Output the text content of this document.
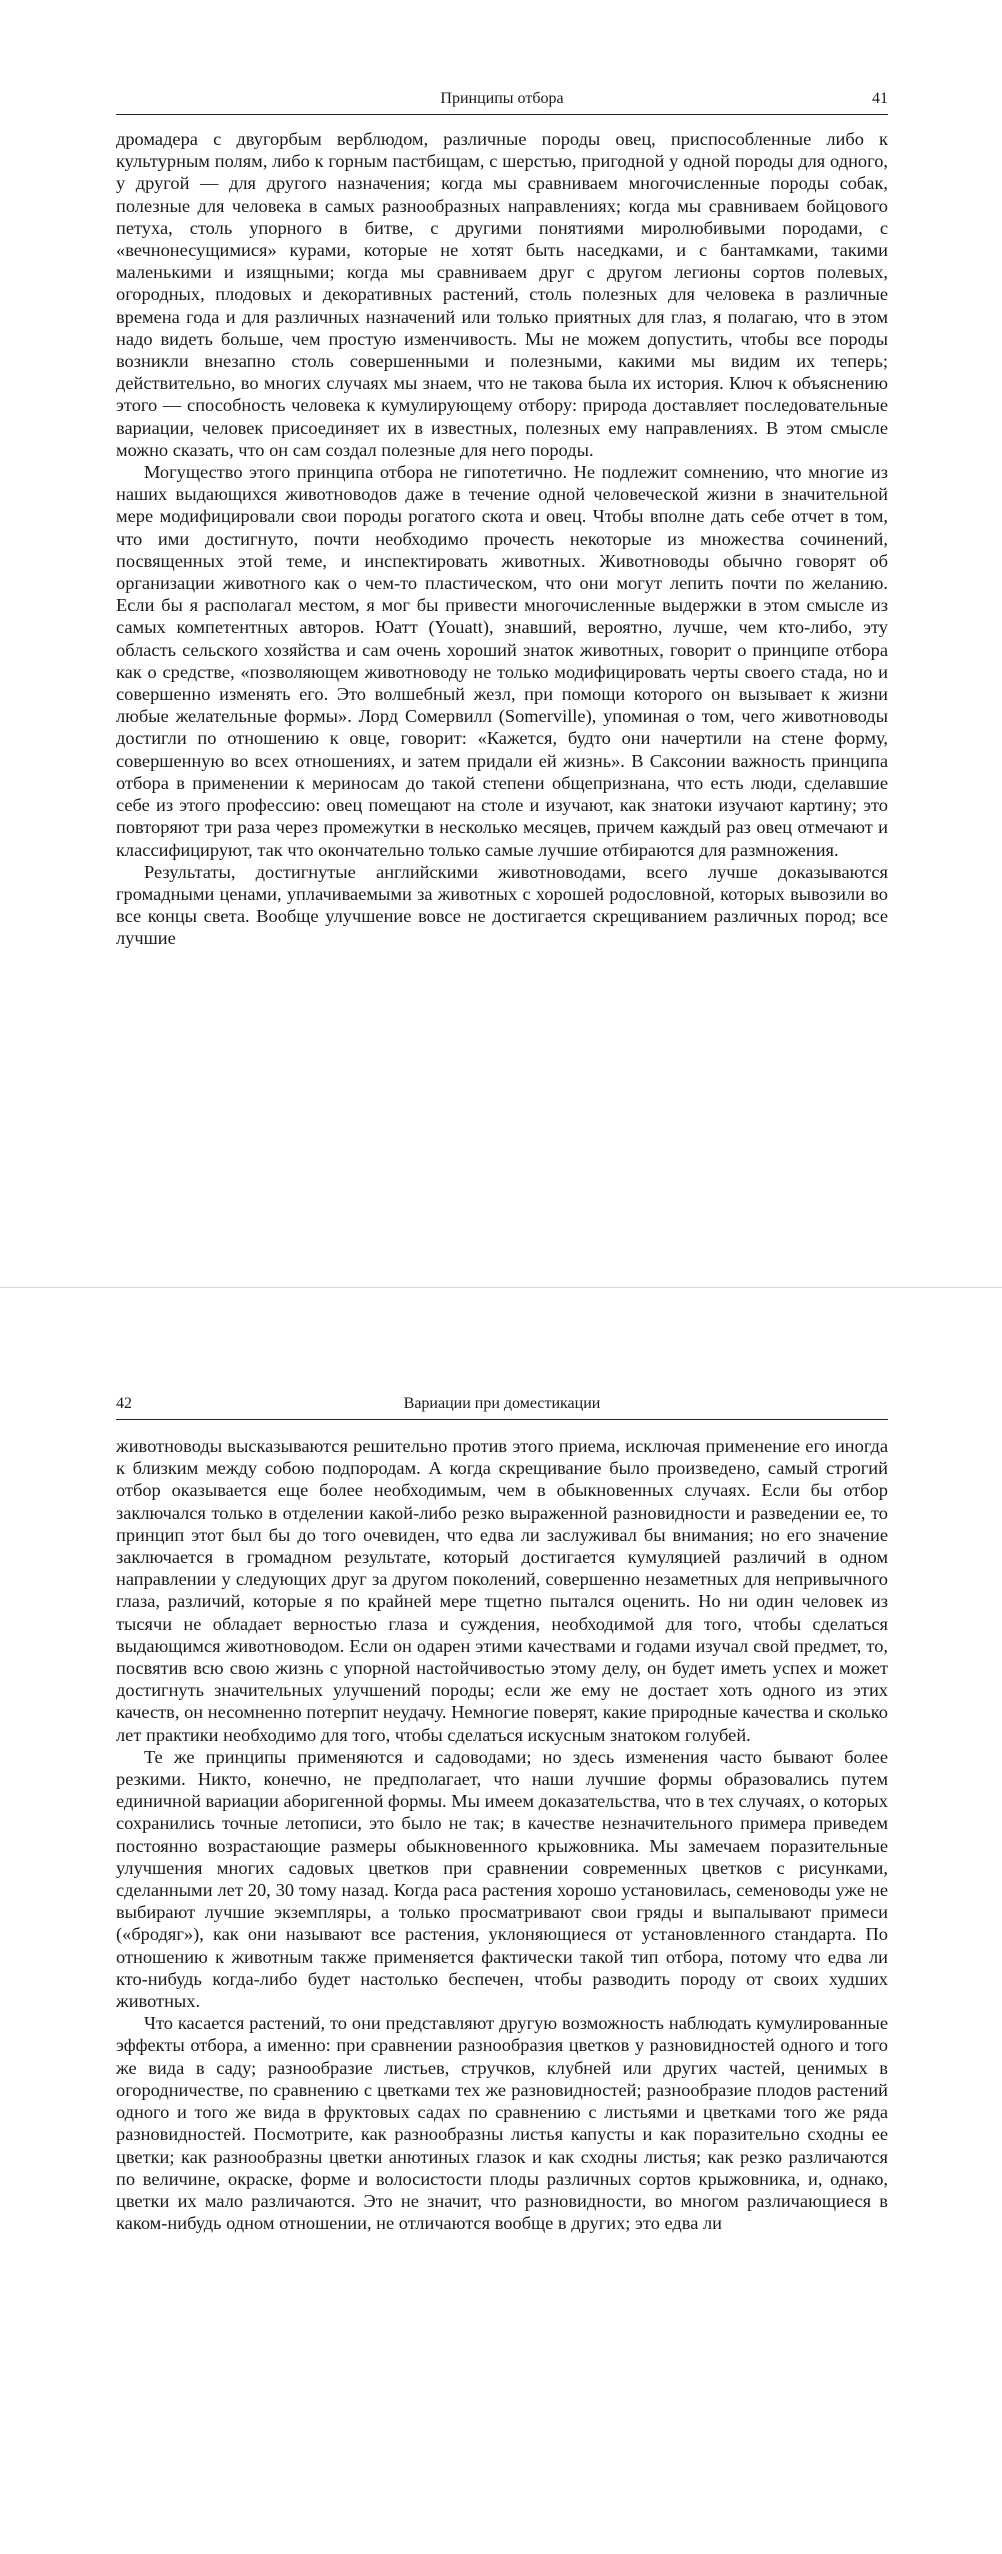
Принципы отбора	41

дромадера с двугорбым верблюдом, различные породы овец, приспособленные либо к культурным полям, либо к горным пастбищам, с шерстью, пригодной у одной породы для одного, у другой — для другого назначения; когда мы сравниваем многочисленные породы собак, полезные для человека в самых разнообразных направлениях; когда мы сравниваем бойцового петуха, столь упорного в битве, с другими понятиями миролюбивыми породами, с «вечнонесущимися» курами, которые не хотят быть наседками, и с бантамками, такими маленькими и изящными; когда мы сравниваем друг с другом легионы сортов полевых, огородных, плодовых и декоративных растений, столь полезных для человека в различные времена года и для различных назначений или только приятных для глаз, я полагаю, что в этом надо видеть больше, чем простую изменчивость. Мы не можем допустить, чтобы все породы возникли внезапно столь совершенными и полезными, какими мы видим их теперь; действительно, во многих случаях мы знаем, что не такова была их история. Ключ к объяснению этого — способность человека к кумулирующему отбору: природа доставляет последовательные вариации, человек присоединяет их в известных, полезных ему направлениях. В этом смысле можно сказать, что он сам создал полезные для него породы.

Могущество этого принципа отбора не гипотетично. Не подлежит сомнению, что многие из наших выдающихся животноводов даже в течение одной человеческой жизни в значительной мере модифицировали свои породы рогатого скота и овец. Чтобы вполне дать себе отчет в том, что ими достигнуто, почти необходимо прочесть некоторые из множества сочинений, посвященных этой теме, и инспектировать животных. Животноводы обычно говорят об организации животного как о чем-то пластическом, что они могут лепить почти по желанию. Если бы я располагал местом, я мог бы привести многочисленные выдержки в этом смысле из самых компетентных авторов. Юатт (Youatt), знавший, вероятно, лучше, чем кто-либо, эту область сельского хозяйства и сам очень хороший знаток животных, говорит о принципе отбора как о средстве, «позволяющем животноводу не только модифицировать черты своего стада, но и совершенно изменять его. Это волшебный жезл, при помощи которого он вызывает к жизни любые желательные формы». Лорд Сомервилл (Somerville), упоминая о том, чего животноводы достигли по отношению к овце, говорит: «Кажется, будто они начертили на стене форму, совершенную во всех отношениях, и затем придали ей жизнь». В Саксонии важность принципа отбора в применении к мериносам до такой степени общепризнана, что есть люди, сделавшие себе из этого профессию: овец помещают на столе и изучают, как знатоки изучают картину; это повторяют три раза через промежутки в несколько месяцев, причем каждый раз овец отмечают и классифицируют, так что окончательно только самые лучшие отбираются для размножения.

Результаты, достигнутые английскими животноводами, всего лучше доказываются громадными ценами, уплачиваемыми за животных с хорошей родословной, которых вывозили во все концы света. Вообще улучшение вовсе не достигается скрещиванием различных пород; все лучшие

42	Вариации при доместикации

животноводы высказываются решительно против этого приема, исключая применение его иногда к близким между собою подпородам. А когда скрещивание было произведено, самый строгий отбор оказывается еще более необходимым, чем в обыкновенных случаях. Если бы отбор заключался только в отделении какой-либо резко выраженной разновидности и разведении ее, то принцип этот был бы до того очевиден, что едва ли заслуживал бы внимания; но его значение заключается в громадном результате, который достигается кумуляцией различий в одном направлении у следующих друг за другом поколений, совершенно незаметных для непривычного глаза, различий, которые я по крайней мере тщетно пытался оценить. Но ни один человек из тысячи не обладает верностью глаза и суждения, необходимой для того, чтобы сделаться выдающимся животноводом. Если он одарен этими качествами и годами изучал свой предмет, то, посвятив всю свою жизнь с упорной настойчивостью этому делу, он будет иметь успех и может достигнуть значительных улучшений породы; если же ему не достает хоть одного из этих качеств, он несомненно потерпит неудачу. Немногие поверят, какие природные качества и сколько лет практики необходимо для того, чтобы сделаться искусным знатоком голубей.

Те же принципы применяются и садоводами; но здесь изменения часто бывают более резкими. Никто, конечно, не предполагает, что наши лучшие формы образовались путем единичной вариации аборигенной формы. Мы имеем доказательства, что в тех случаях, о которых сохранились точные летописи, это было не так; в качестве незначительного примера приведем постоянно возрастающие размеры обыкновенного крыжовника. Мы замечаем поразительные улучшения многих садовых цветков при сравнении современных цветков с рисунками, сделанными лет 20, 30 тому назад. Когда раса растения хорошо установилась, семеноводы уже не выбирают лучшие экземпляры, а только просматривают свои гряды и выпалывают примеси («бродяг»), как они называют все растения, уклоняющиеся от установленного стандарта. По отношению к животным также применяется фактически такой тип отбора, потому что едва ли кто-нибудь когда-либо будет настолько беспечен, чтобы разводить породу от своих худших животных.

Что касается растений, то они представляют другую возможность наблюдать кумулированные эффекты отбора, а именно: при сравнении разнообразия цветков у разновидностей одного и того же вида в саду; разнообразие листьев, стручков, клубней или других частей, ценимых в огородничестве, по сравнению с цветками тех же разновидностей; разнообразие плодов растений одного и того же вида в фруктовых садах по сравнению с листьями и цветками того же ряда разновидностей. Посмотрите, как разнообразны листья капусты и как поразительно сходны ее цветки; как разнообразны цветки анютиных глазок и как сходны листья; как резко различаются по величине, окраске, форме и волосистости плоды различных сортов крыжовника, и, однако, цветки их мало различаются. Это не значит, что разновидности, во многом различающиеся в каком-нибудь одном отношении, не отличаются вообще в других; это едва ли
